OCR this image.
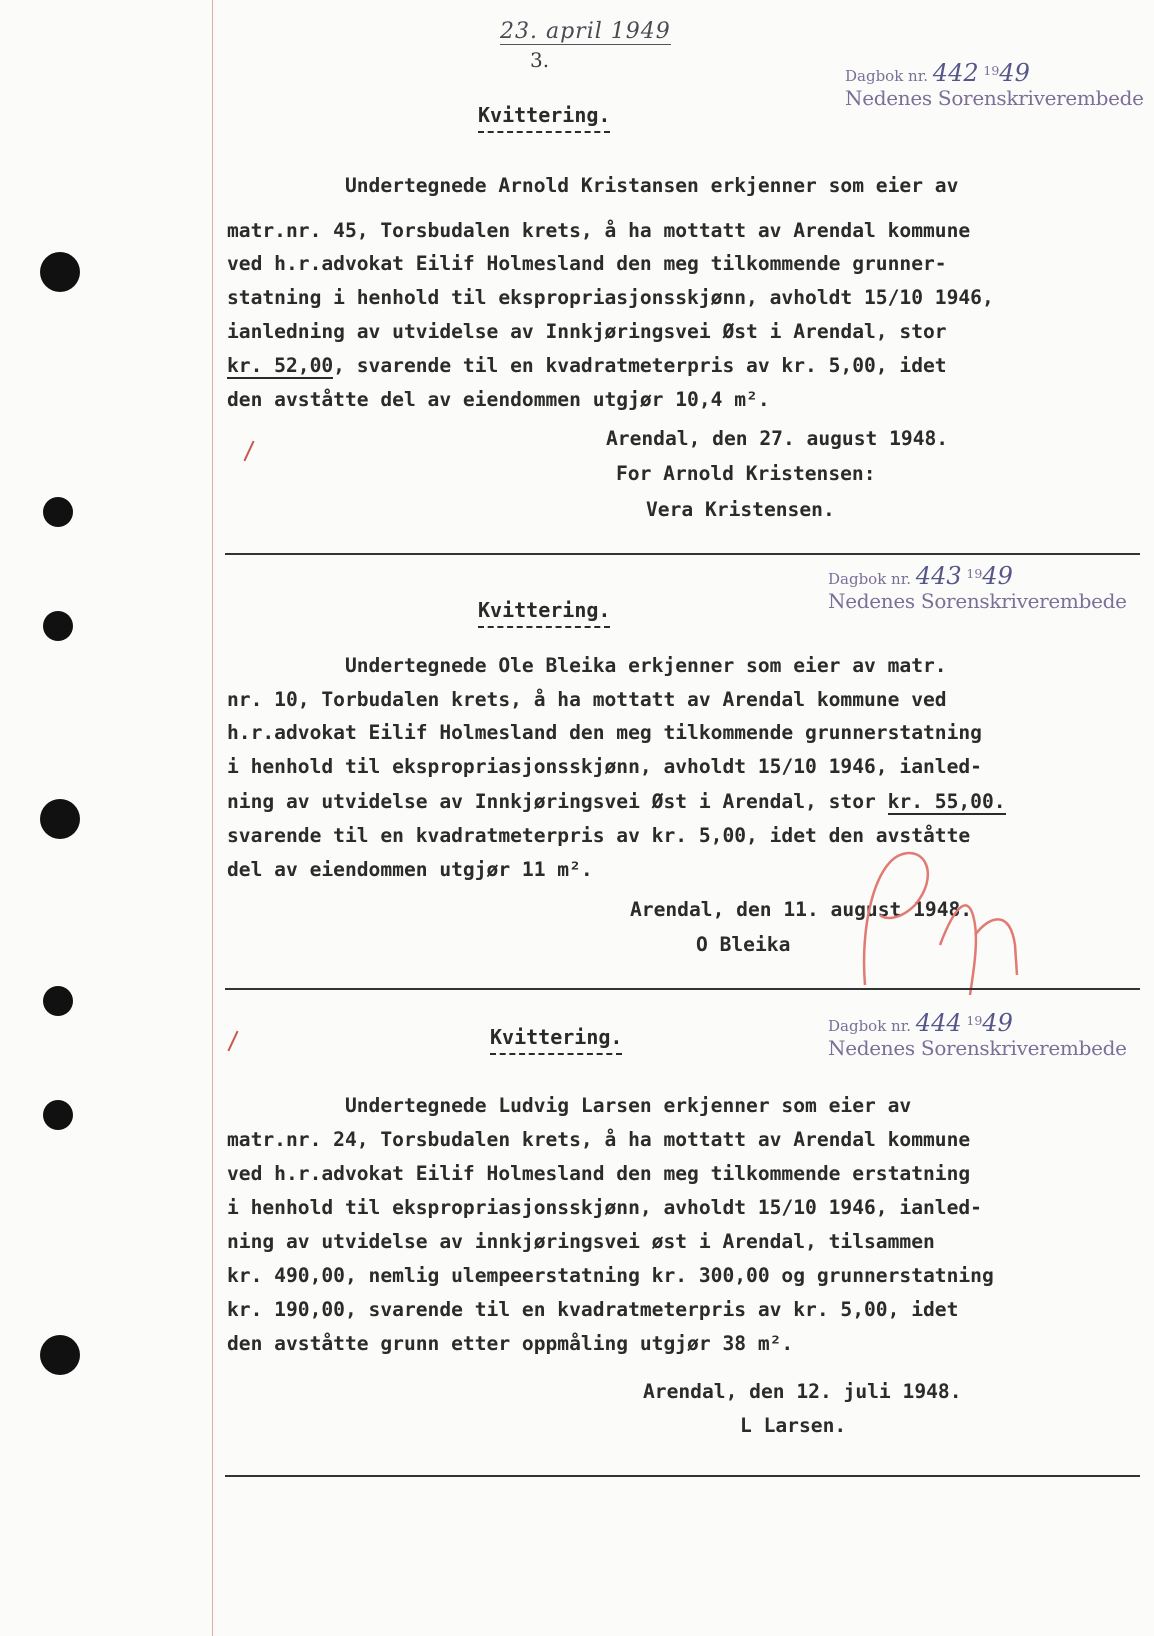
23. april 1949
3.
Dagbok nr. 442 $^{19}$49
Nedenes Sorenskriverembede
Kvittering.
Undertegnede Arnold Kristansen erkjenner som eier av
matr.nr. 45, Torsbudalen krets, å ha mottatt av Arendal kommune
ved h.r.advokat Eilif Holmesland den meg tilkommende grunner-
statning i henhold til ekspropriasjonsskjønn, avholdt 15/10 1946,
ianledning av utvidelse av Innkjøringsvei Øst i Arendal, stor
kr. 52,00, svarende til en kvadratmeterpris av kr. 5,00, idet
den avståtte del av eiendommen utgjør 10,4 m².
Arendal, den 27. august 1948.
For Arnold Kristensen:
Vera Kristensen.
Dagbok nr. 443 $^{19}$49
Nedenes Sorenskriverembede
Kvittering.
Undertegnede Ole Bleika erkjenner som eier av matr.
nr. 10, Torbudalen krets, å ha mottatt av Arendal kommune ved
h.r.advokat Eilif Holmesland den meg tilkommende grunnerstatning
i henhold til ekspropriasjonsskjønn, avholdt 15/10 1946, ianled-
ning av utvidelse av Innkjøringsvei Øst i Arendal, stor kr. 55,00.
svarende til en kvadratmeterpris av kr. 5,00, idet den avståtte
del av eiendommen utgjør 11 m².
Arendal, den 11. august 1948.
O Bleika
Dagbok nr. 444 $^{19}$49
Nedenes Sorenskriverembede
Kvittering.
Undertegnede Ludvig Larsen erkjenner som eier av
matr.nr. 24, Torsbudalen krets, å ha mottatt av Arendal kommune
ved h.r.advokat Eilif Holmesland den meg tilkommende erstatning
i henhold til ekspropriasjonsskjønn, avholdt 15/10 1946, ianled-
ning av utvidelse av innkjøringsvei øst i Arendal, tilsammen
kr. 490,00, nemlig ulempeerstatning kr. 300,00 og grunnerstatning
kr. 190,00, svarende til en kvadratmeterpris av kr. 5,00, idet
den avståtte grunn etter oppmåling utgjør 38 m².
Arendal, den 12. juli 1948.
L Larsen.
